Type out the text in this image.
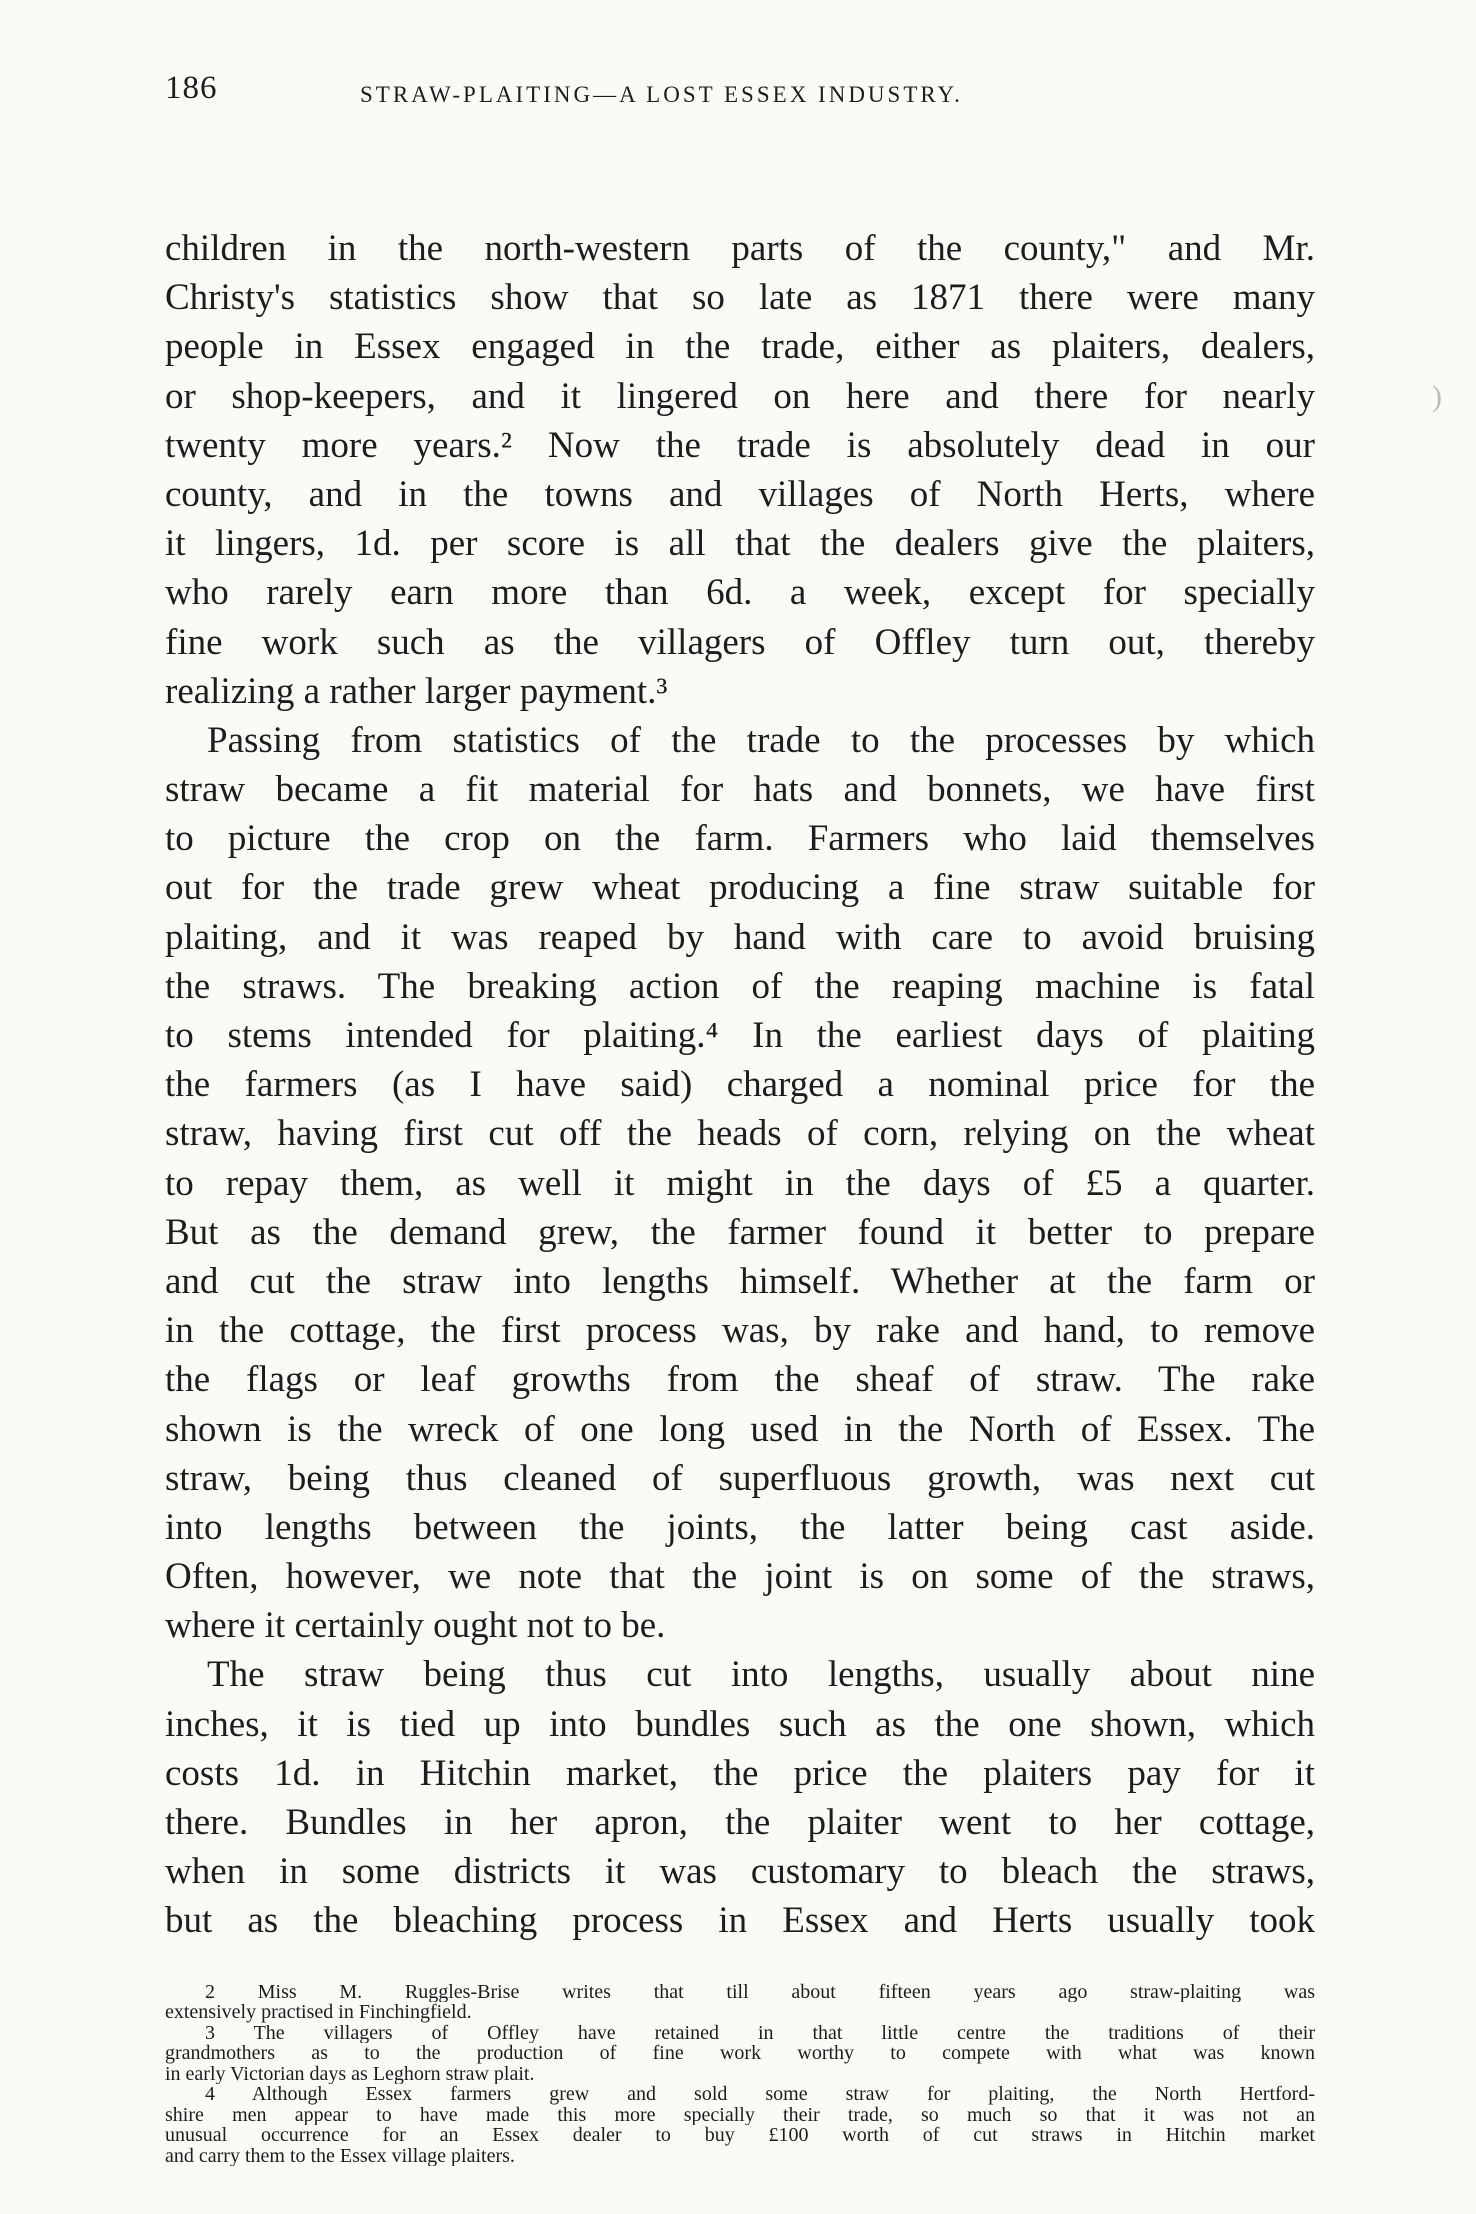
186	STRAW-PLAITING—A LOST ESSEX INDUSTRY.
children in the north-western parts of the county," and Mr.
Christy's statistics show that so late as 1871 there were many
people in Essex engaged in the trade, either as plaiters, dealers,
or shop-keepers, and it lingered on here and there for nearly
twenty more years.² Now the trade is absolutely dead in our
county, and in the towns and villages of North Herts, where
it lingers, 1d. per score is all that the dealers give the plaiters,
who rarely earn more than 6d. a week, except for specially
fine work such as the villagers of Offley turn out, thereby
realizing a rather larger payment.³
Passing from statistics of the trade to the processes by which
straw became a fit material for hats and bonnets, we have first
to picture the crop on the farm. Farmers who laid themselves
out for the trade grew wheat producing a fine straw suitable for
plaiting, and it was reaped by hand with care to avoid bruising
the straws. The breaking action of the reaping machine is fatal
to stems intended for plaiting.⁴ In the earliest days of plaiting
the farmers (as I have said) charged a nominal price for the
straw, having first cut off the heads of corn, relying on the wheat
to repay them, as well it might in the days of £5 a quarter.
But as the demand grew, the farmer found it better to prepare
and cut the straw into lengths himself. Whether at the farm or
in the cottage, the first process was, by rake and hand, to remove
the flags or leaf growths from the sheaf of straw. The rake
shown is the wreck of one long used in the North of Essex. The
straw, being thus cleaned of superfluous growth, was next cut
into lengths between the joints, the latter being cast aside.
Often, however, we note that the joint is on some of the straws,
where it certainly ought not to be.
The straw being thus cut into lengths, usually about nine
inches, it is tied up into bundles such as the one shown, which
costs 1d. in Hitchin market, the price the plaiters pay for it
there. Bundles in her apron, the plaiter went to her cottage,
when in some districts it was customary to bleach the straws,
but as the bleaching process in Essex and Herts usually took
2 Miss M. Ruggles-Brise writes that till about fifteen years ago straw-plaiting was
extensively practised in Finchingfield.
3 The villagers of Offley have retained in that little centre the traditions of their
grandmothers as to the production of fine work worthy to compete with what was known
in early Victorian days as Leghorn straw plait.
4 Although Essex farmers grew and sold some straw for plaiting, the North Hertford-
shire men appear to have made this more specially their trade, so much so that it was not an
unusual occurrence for an Essex dealer to buy £100 worth of cut straws in Hitchin market
and carry them to the Essex village plaiters.
)
